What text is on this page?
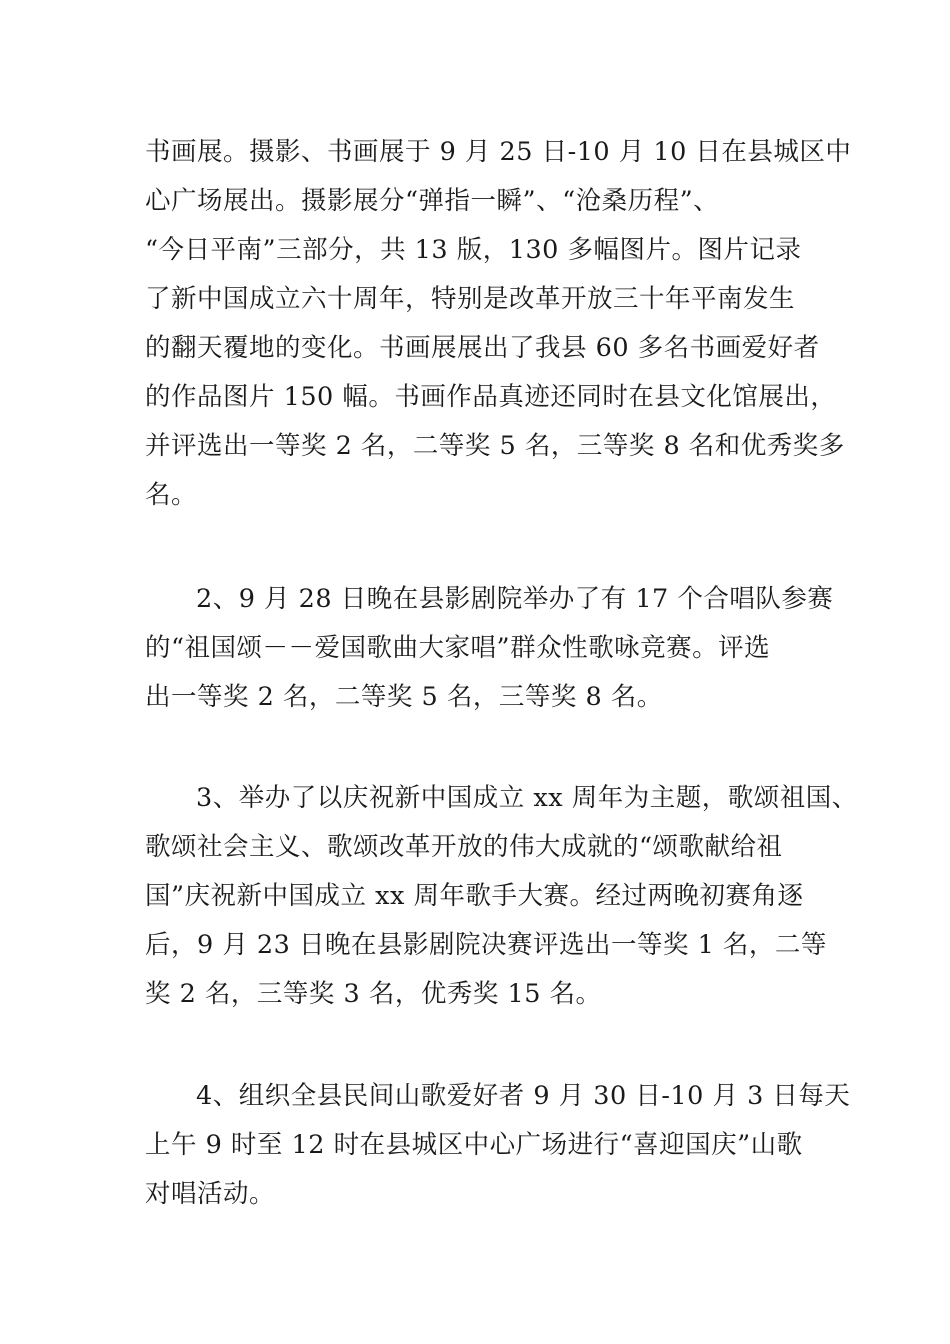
书画展。摄影、书画展于 9 月 25 日-10 月 10 日在县城区中
心广场展出。摄影展分“弹指一瞬”、“沧桑历程”、
“今日平南”三部分，共 13 版，130 多幅图片。图片记录
了新中国成立六十周年，特别是改革开放三十年平南发生
的翻天覆地的变化。书画展展出了我县 60 多名书画爱好者
的作品图片 150 幅。书画作品真迹还同时在县文化馆展出，
并评选出一等奖 2 名，二等奖 5 名，三等奖 8 名和优秀奖多
名。
2、9 月 28 日晚在县影剧院举办了有 17 个合唱队参赛
的“祖国颂－－爱国歌曲大家唱”群众性歌咏竞赛。评选
出一等奖 2 名，二等奖 5 名，三等奖 8 名。
3、举办了以庆祝新中国成立 xx 周年为主题，歌颂祖国、
歌颂社会主义、歌颂改革开放的伟大成就的“颂歌献给祖
国”庆祝新中国成立 xx 周年歌手大赛。经过两晚初赛角逐
后，9 月 23 日晚在县影剧院决赛评选出一等奖 1 名，二等
奖 2 名，三等奖 3 名，优秀奖 15 名。
4、组织全县民间山歌爱好者 9 月 30 日-10 月 3 日每天
上午 9 时至 12 时在县城区中心广场进行“喜迎国庆”山歌
对唱活动。
